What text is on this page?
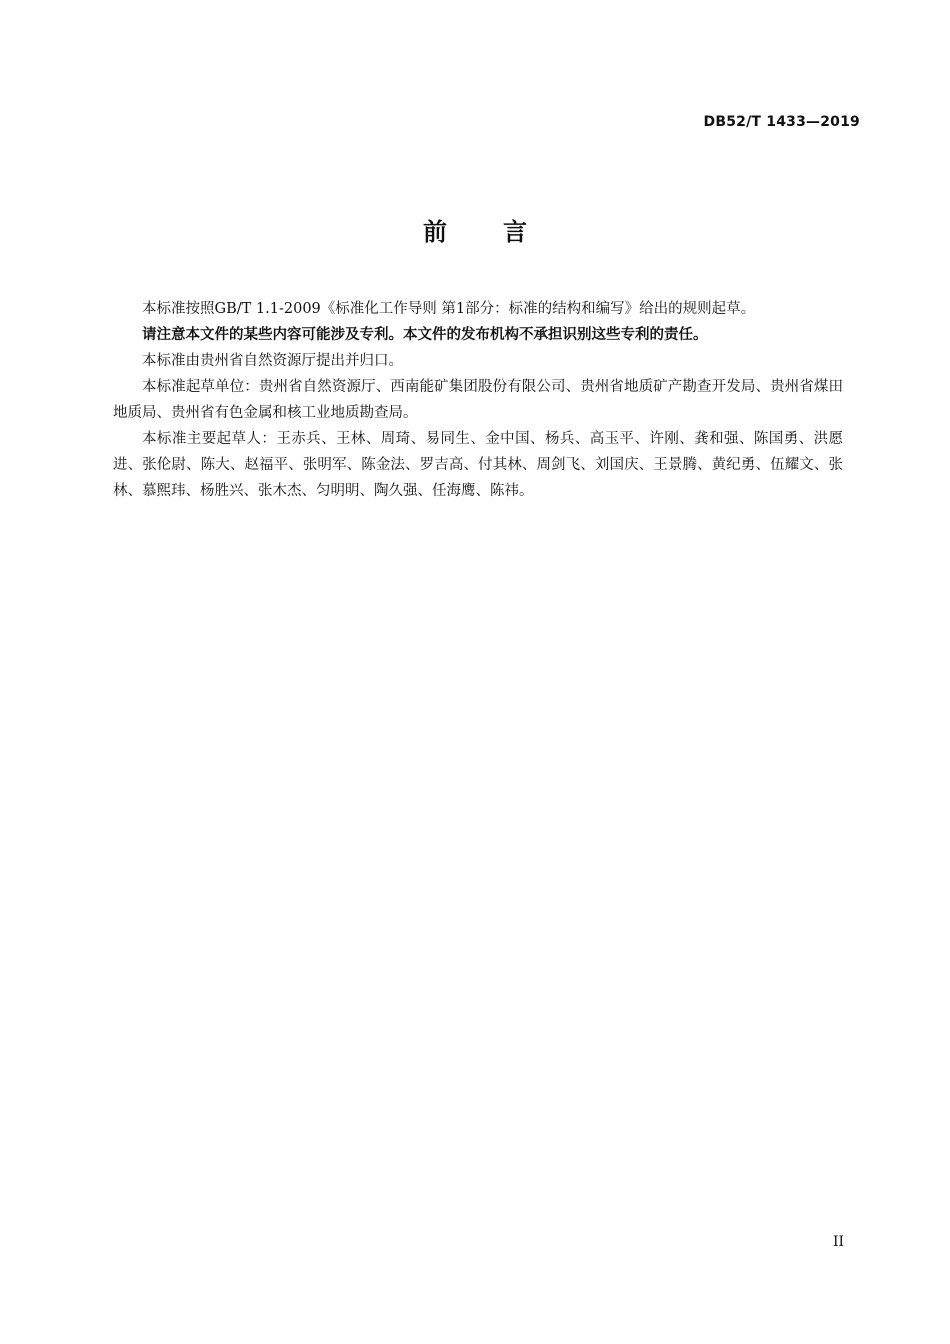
DB52/T 1433—2019
前言

本标准按照GB/T 1.1-2009《标准化工作导则 第1部分：标准的结构和编写》给出的规则起草。

请注意本文件的某些内容可能涉及专利。本文件的发布机构不承担识别这些专利的责任。

本标准由贵州省自然资源厅提出并归口。

本标准起草单位：贵州省自然资源厅、西南能矿集团股份有限公司、贵州省地质矿产勘查开发局、贵州省煤田地质局、贵州省有色金属和核工业地质勘查局。

本标准主要起草人：王赤兵、王林、周琦、易同生、金中国、杨兵、高玉平、许刚、龚和强、陈国勇、洪愿进、张伦尉、陈大、赵福平、张明军、陈金法、罗吉高、付其林、周剑飞、刘国庆、王景腾、黄纪勇、伍耀文、张林、慕熙玮、杨胜兴、张木杰、匀明明、陶久强、任海鹰、陈祎。

II
